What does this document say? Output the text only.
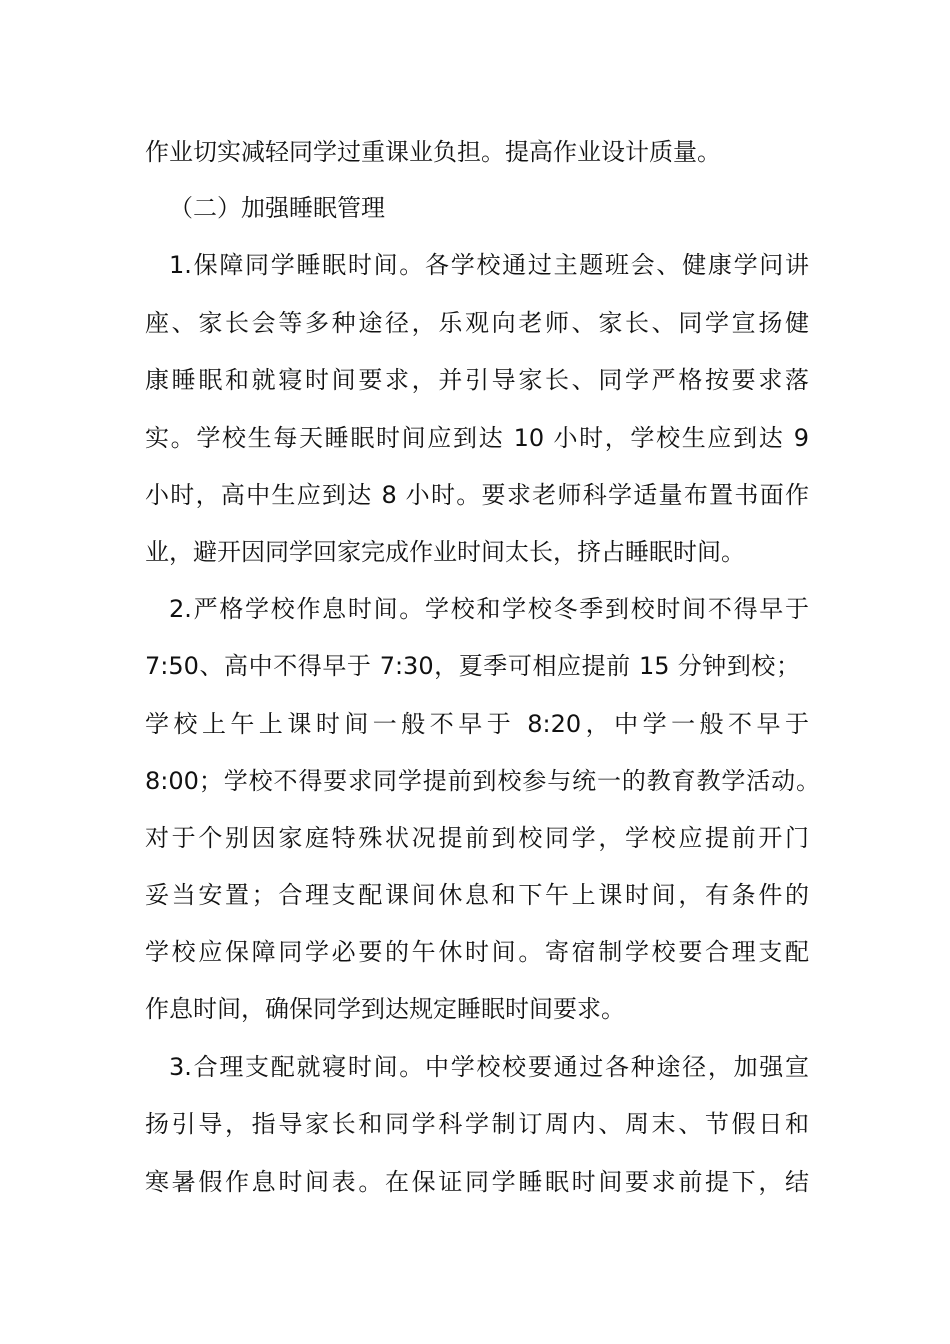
作业切实减轻同学过重课业负担。提高作业设计质量。
（二）加强睡眠管理
1.保障同学睡眠时间。各学校通过主题班会、健康学问讲
座、家长会等多种途径，乐观向老师、家长、同学宣扬健
康睡眠和就寝时间要求，并引导家长、同学严格按要求落
实。学校生每天睡眠时间应到达 10 小时，学校生应到达 9
小时，高中生应到达 8 小时。要求老师科学适量布置书面作
业，避开因同学回家完成作业时间太长，挤占睡眠时间。
2.严格学校作息时间。学校和学校冬季到校时间不得早于
7:50、高中不得早于 7:30，夏季可相应提前 15 分钟到校；
学校上午上课时间一般不早于 8:20，中学一般不早于
8:00；学校不得要求同学提前到校参与统一的教育教学活动。
对于个别因家庭特殊状况提前到校同学，学校应提前开门
妥当安置；合理支配课间休息和下午上课时间，有条件的
学校应保障同学必要的午休时间。寄宿制学校要合理支配
作息时间，确保同学到达规定睡眠时间要求。
3.合理支配就寝时间。中学校校要通过各种途径，加强宣
扬引导，指导家长和同学科学制订周内、周末、节假日和
寒暑假作息时间表。在保证同学睡眠时间要求前提下，结
